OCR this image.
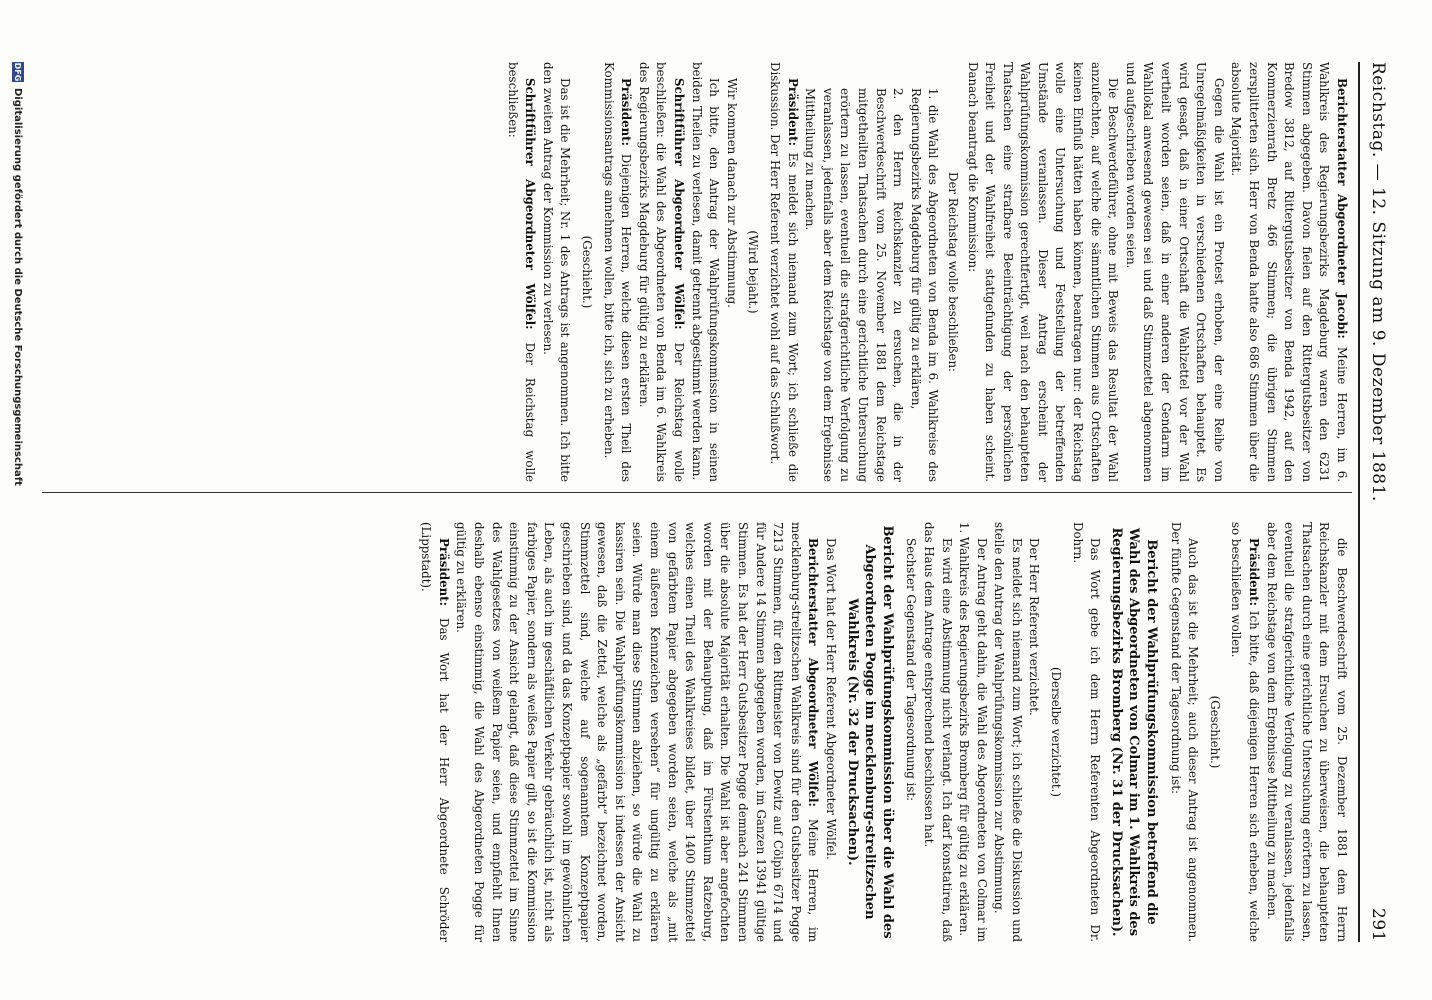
Reichstag. — 12. Sitzung am 9. Dezember 1881.
291

Berichterstatter Abgeordneter Jacobi: Meine Herren, im 6. Wahlkreis des Regierungsbezirks Magdeburg waren den 6231 Stimmen abgegeben. Davon fielen auf den Rittergutsbesitzer von Bredow 3812, auf Rittergutsbesitzer von Benda 1942, auf den Kommerzienrath Bretz 466 Stimmen; die übrigen Stimmen zersplitterten sich. Herr von Benda hatte also 686 Stimmen über die absolute Majorität.

Gegen die Wahl ist ein Protest erhoben, der eine Reihe von Unregelmäßigkeiten in verschiedenen Ortschaften behauptet. Es wird gesagt, daß in einer Ortschaft die Wahlzettel vor der Wahl vertheilt worden seien, daß in einer anderen der Gendarm im Wahllokal anwesend gewesen sei und daß Stimmzettel abgenommen und aufgeschrieben worden seien.

Die Beschwerdeführer, ohne mit Beweis das Resultat der Wahl anzufechten, auf welche die sämmtlichen Stimmen aus Ortschaften keinen Einfluß hätten haben können, beantragen nur: der Reichstag wolle eine Untersuchung und Feststellung der betreffenden Umstände veranlassen. Dieser Antrag erscheint der Wahlprüfungskommission gerechtfertigt, weil nach den behaupteten Thatsachen eine strafbare Beeinträchtigung der persönlichen Freiheit und der Wahlfreiheit stattgefunden zu haben scheint. Danach beantragt die Kommission:

Der Reichstag wolle beschließen:

1. die Wahl des Abgeordneten von Benda im 6. Wahlkreise des Regierungsbezirks Magdeburg für gültig zu erklären,

2. den Herrn Reichskanzler zu ersuchen, die in der Beschwerdeschrift vom 25. November 1881 dem Reichstage mitgetheilten Thatsachen durch eine gerichtliche Untersuchung erörtern zu lassen, eventuell die strafgerichtliche Verfolgung zu veranlassen, jedenfalls aber dem Reichstage von dem Ergebnisse Mittheilung zu machen.

Präsident: Es meldet sich niemand zum Wort; ich schließe die Diskussion. Der Herr Referent verzichtet wohl auf das Schlußwort.

(Wird bejaht.)

Wir kommen danach zur Abstimmung.

Ich bitte, den Antrag der Wahlprüfungskommission in seinen beiden Theilen zu verlesen, damit getrennt abgestimmt werden kann.

Schriftführer Abgeordneter Wölfel: Der Reichstag wolle beschließen: die Wahl des Abgeordneten von Benda im 6. Wahlkreis des Regierungsbezirks Magdeburg für gültig zu erklären.

Präsident: Diejenigen Herren, welche diesen ersten Theil des Kommissionsantrags annehmen wollen, bitte ich, sich zu erheben.

(Geschieht.)

Das ist die Mehrheit; Nr. 1 des Antrags ist angenommen. Ich bitte den zweiten Antrag der Kommission zu verlesen.

Schriftführer Abgeordneter Wölfel: Der Reichstag wolle beschließen:

die Beschwerdeschrift vom 25. Dezember 1881 dem Herrn Reichskanzler mit dem Ersuchen zu überweisen, die behaupteten Thatsachen durch eine gerichtliche Untersuchung erörtern zu lassen, eventuell die strafgerichtliche Verfolgung zu veranlassen, jedenfalls aber dem Reichstage von dem Ergebnisse Mittheilung zu machen.

Präsident: Ich bitte, daß diejenigen Herren sich erheben, welche so beschließen wollen.

(Geschieht.)

Auch das ist die Mehrheit; auch dieser Antrag ist angenommen. Der fünfte Gegenstand der Tagesordnung ist:

Bericht der Wahlprüfungskommission betreffend die Wahl des Abgeordneten von Colmar im 1. Wahlkreis des Regierungsbezirks Bromberg (Nr. 31 der Drucksachen).

Das Wort gebe ich dem Herrn Referenten Abgeordneten Dr. Dohrn.

(Derselbe verzichtet.)

Der Herr Referent verzichtet.

Es meldet sich niemand zum Wort; ich schließe die Diskussion und stelle den Antrag der Wahlprüfungskommission zur Abstimmung.

Der Antrag geht dahin, die Wahl des Abgeordneten von Colmar im 1. Wahlkreis des Regierungsbezirks Bromberg für gültig zu erklären.

Es wird eine Abstimmung nicht verlangt. Ich darf konstatiren, daß das Haus dem Antrage entsprechend beschlossen hat.

Sechster Gegenstand der Tagesordnung ist:

Bericht der Wahlprüfungskommission über die Wahl des Abgeordneten Pogge im mecklenburg-strelitzschen Wahlkreis (Nr. 32 der Drucksachen).

Das Wort hat der Herr Referent Abgeordneter Wölfel.

Berichterstatter Abgeordneter Wölfel: Meine Herren, im mecklenburg-strelitzschen Wahlkreis sind für den Gutsbesitzer Pogge 7213 Stimmen, für den Rittmeister von Dewitz auf Cölpin 6714 und für Andere 14 Stimmen abgegeben worden, im Ganzen 13941 gültige Stimmen. Es hat der Herr Gutsbesitzer Pogge demnach 241 Stimmen über die absolute Majorität erhalten. Die Wahl ist aber angefochten worden mit der Behauptung, daß im Fürstenthum Ratzeburg, welches einen Theil des Wahlkreises bildet, über 1400 Stimmzettel von gefärbtem Papier abgegeben worden seien, welche als „mit einem äußeren Kennzeichen versehen“ für ungültig zu erklären seien. Würde man diese Stimmen abziehen, so würde die Wahl zu kassiren sein. Die Wahlprüfungskommission ist indessen der Ansicht gewesen, daß die Zettel, welche als „gefärbt“ bezeichnet worden, Stimmzettel sind, welche auf sogenanntem Konzeptpapier geschrieben sind, und da das Konzeptpapier sowohl im gewöhnlichen Leben, als auch im geschäftlichen Verkehr gebräuchlich ist, nicht als farbiges Papier, sondern als weißes Papier gilt, so ist die Kommission einstimmig zu der Ansicht gelangt, daß diese Stimmzettel im Sinne des Wahlgesetzes von weißem Papier seien, und empfiehlt Ihnen deshalb ebenso einstimmig, die Wahl des Abgeordneten Pogge für gültig zu erklären.

Präsident: Das Wort hat der Herr Abgeordnete Schröder (Lippstadt).

DFG
Digitalisierung gefördert durch die Deutsche Forschungsgemeinschaft
